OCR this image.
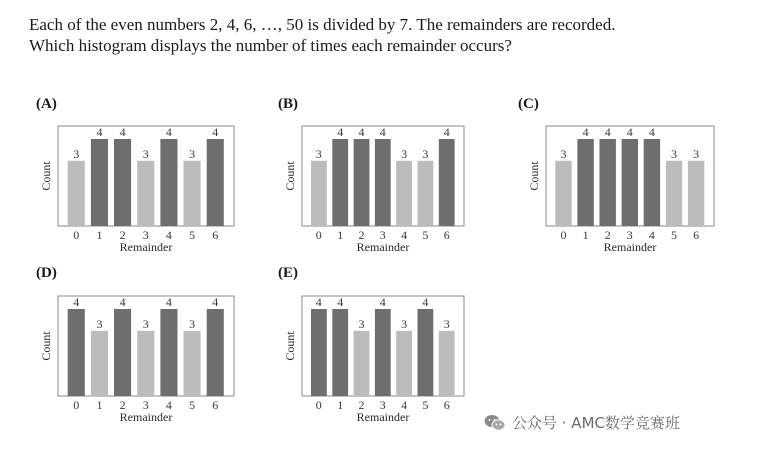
Each of the even numbers 2, 4, 6, …, 50 is divided by 7. The remainders are recorded.

Which histogram displays the number of times each remainder occurs?

(A)
3
0
4
1
4
2
3
3
4
4
3
5
4
6
Remainder
Count
(B)
3
0
4
1
4
2
4
3
3
4
3
5
4
6
Remainder
Count
(C)
3
0
4
1
4
2
4
3
4
4
3
5
3
6
Remainder
Count
(D)
4
0
3
1
4
2
3
3
4
4
3
5
4
6
Remainder
Count
(E)
4
0
4
1
3
2
4
3
3
4
4
5
3
6
Remainder
Count
公众号 · AMC数学竞赛班
